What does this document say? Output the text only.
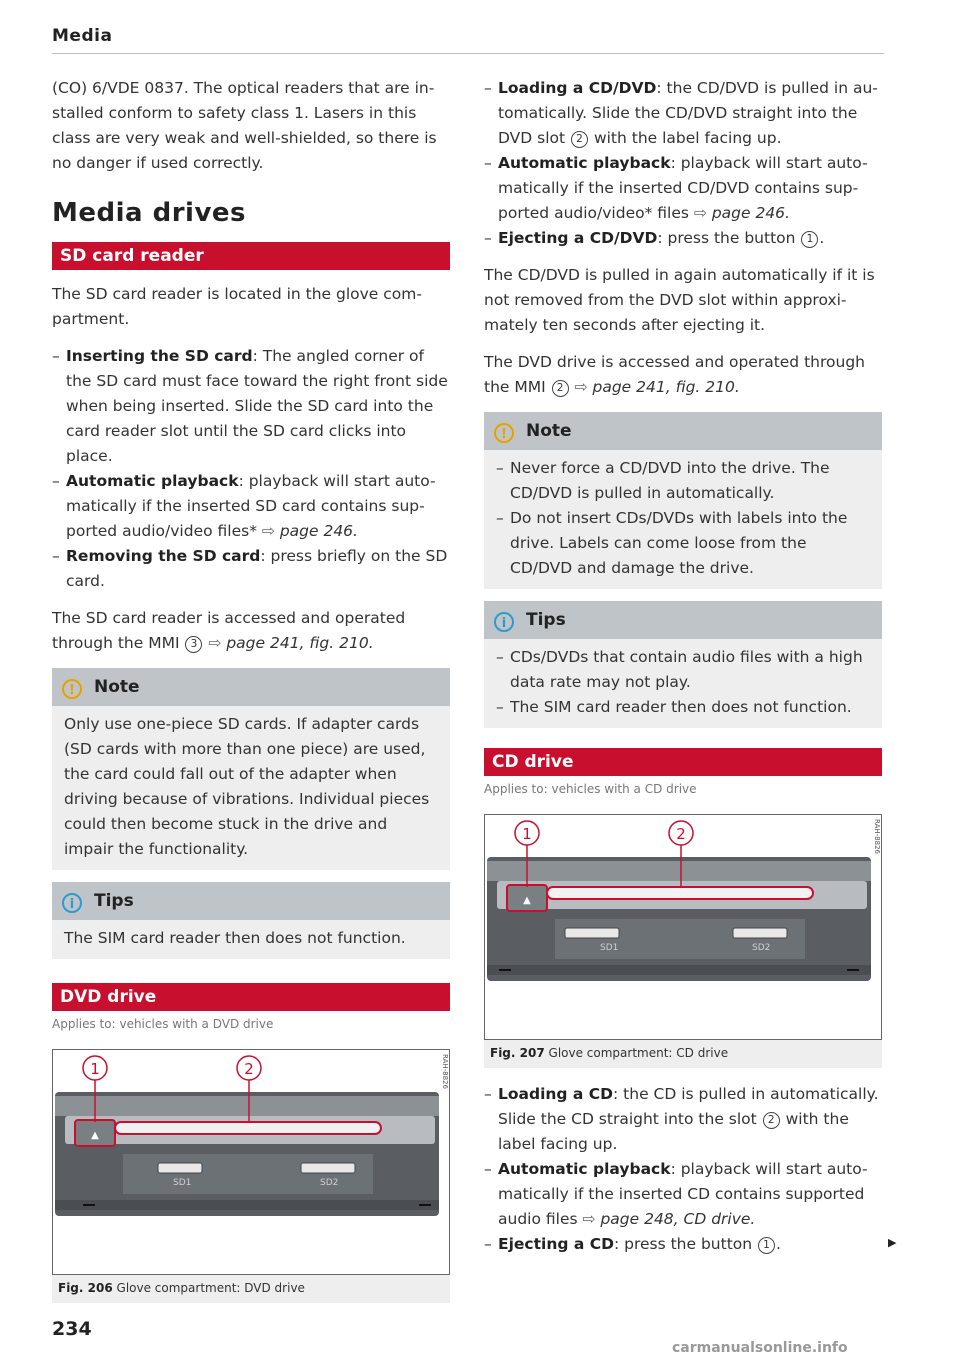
Media

(CO) 6/VDE 0837. The optical readers that are in-stalled conform to safety class 1. Lasers in this class are very weak and well-shielded, so there is no danger if used correctly.

Media drives
SD card reader

The SD card reader is located in the glove com-partment.

– Inserting the SD card: The angled corner of the SD card must face toward the right front side when being inserted. Slide the SD card into the card reader slot until the SD card clicks into place.
– Automatic playback: playback will start auto-matically if the inserted SD card contains sup-ported audio/video files* ⇨ page 246.
– Removing the SD card: press briefly on the SD card.

The SD card reader is accessed and operated through the MMI 3 ⇨ page 241, fig. 210.

! Note

Only use one-piece SD cards. If adapter cards (SD cards with more than one piece) are used, the card could fall out of the adapter when driving because of vibrations. Individual pieces could then become stuck in the drive and impair the functionality.

i Tips

The SIM card reader then does not function.

DVD drive
Applies to: vehicles with a DVD drive
▲
SD1	SD2
1	2	RAH-8826
Fig. 206 Glove compartment: DVD drive
– Loading a CD/DVD: the CD/DVD is pulled in au-tomatically. Slide the CD/DVD straight into the DVD slot 2 with the label facing up.
– Automatic playback: playback will start auto-matically if the inserted CD/DVD contains sup-ported audio/video* files ⇨ page 246.
– Ejecting a CD/DVD: press the button 1 .

The CD/DVD is pulled in again automatically if it is not removed from the DVD slot within approxi-mately ten seconds after ejecting it.

The DVD drive is accessed and operated through the MMI 2 ⇨ page 241, fig. 210.

! Note
– Never force a CD/DVD into the drive. The CD/DVD is pulled in automatically.
– Do not insert CDs/DVDs with labels into the drive. Labels can come loose from the CD/DVD and damage the drive.
i Tips
– CDs/DVDs that contain audio files with a high data rate may not play.
– The SIM card reader then does not function.
CD drive
Applies to: vehicles with a CD drive
▲
SD1	SD2
1	2	RAH-8826
Fig. 207 Glove compartment: CD drive
– Loading a CD: the CD is pulled in automatically. Slide the CD straight into the slot 2 with the label facing up.
– Automatic playback: playback will start auto-matically if the inserted CD contains supported audio files ⇨ page 248, CD drive.
– Ejecting a CD: press the button 1 .	▶
234
carmanualsonline.info
